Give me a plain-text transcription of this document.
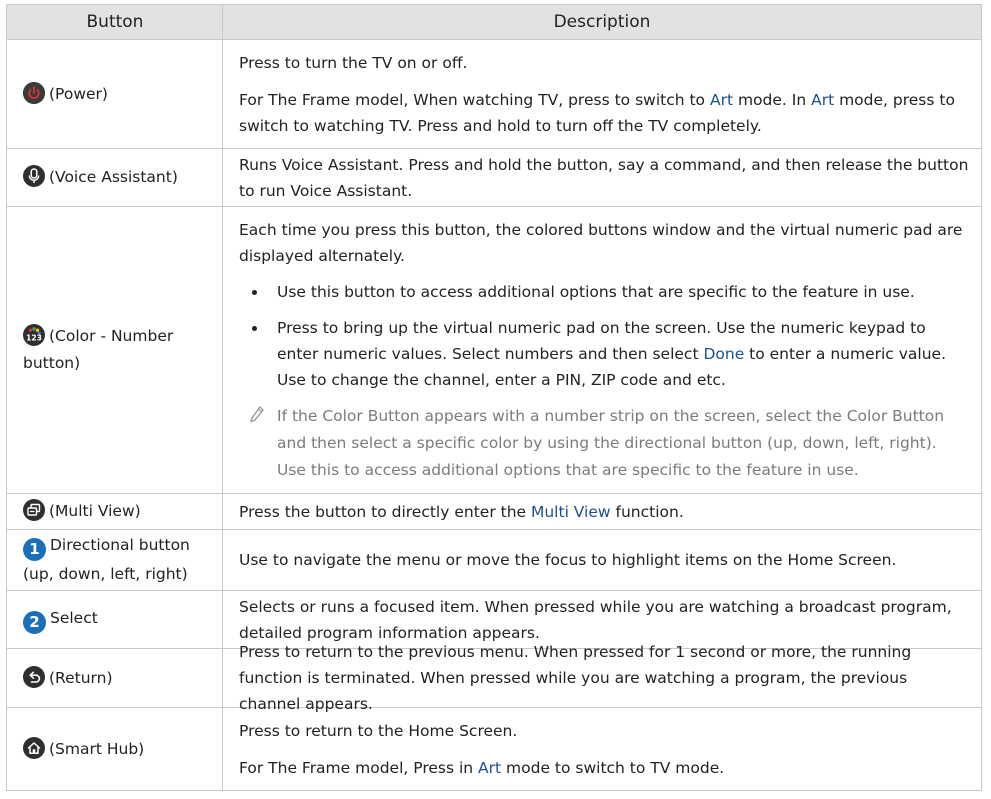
Button	Description
(Power)

Press to turn the TV on or off.

For The Frame model, When watching TV, press to switch to Art mode. In Art mode, press to switch to watching TV. Press and hold to turn off the TV completely.

(Voice Assistant)

Runs Voice Assistant. Press and hold the button, say a command, and then release the button to run Voice Assistant.

123 (Color - Number button)

Each time you press this button, the colored buttons window and the virtual numeric pad are displayed alternately.

Use this button to access additional options that are specific to the feature in use.
Press to bring up the virtual numeric pad on the screen. Use the numeric keypad to enter numeric values. Select numbers and then select Done to enter a numeric value. Use to change the channel, enter a PIN, ZIP code and etc.
If the Color Button appears with a number strip on the screen, select the Color Button and then select a specific color by using the directional button (up, down, left, right). Use this to access additional options that are specific to the feature in use.
(Multi View)	Press the button to directly enter the Multi View function.

1 Directional button (up, down, left, right)

Use to navigate the menu or move the focus to highlight items on the Home Screen.

2 Select

Selects or runs a focused item. When pressed while you are watching a broadcast program, detailed program information appears.

(Return)

Press to return to the previous menu. When pressed for 1 second or more, the running function is terminated. When pressed while you are watching a program, the previous channel appears.

(Smart Hub)

Press to return to the Home Screen.

For The Frame model, Press in Art mode to switch to TV mode.
